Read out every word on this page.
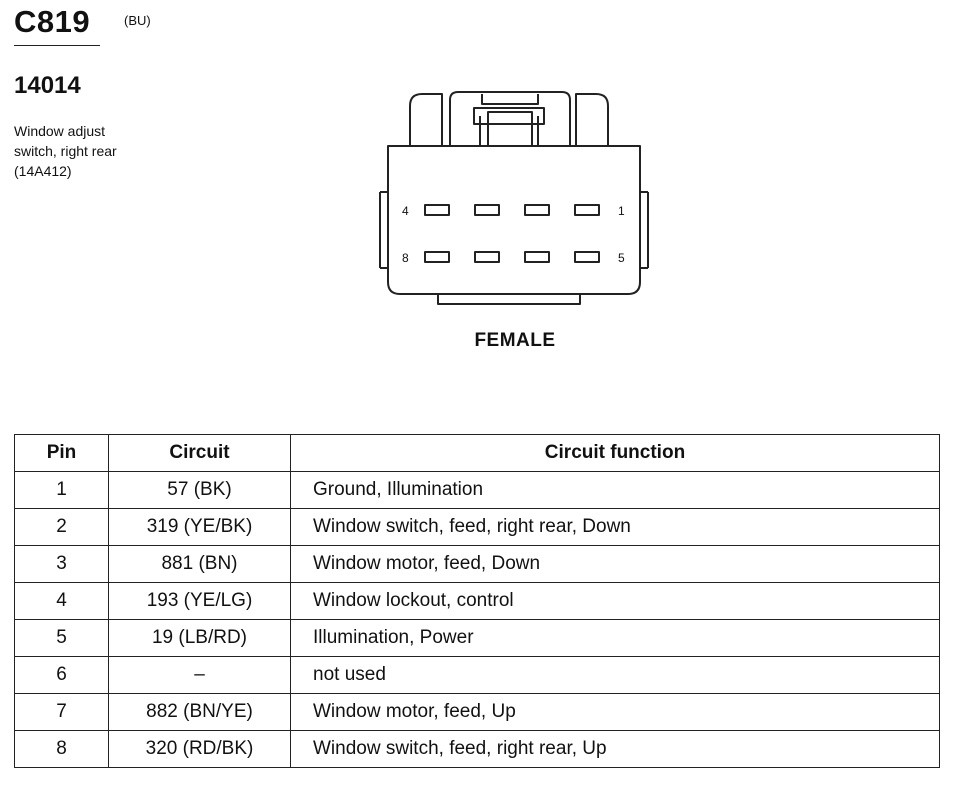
C819	(BU)
14014
Window adjust
switch, right rear
(14A412)
4	1
8	5
FEMALE
Pin	Circuit	Circuit function
1	57 (BK)	Ground, Illumination
2	319 (YE/BK)	Window switch, feed, right rear, Down
3	881 (BN)	Window motor, feed, Down
4	193 (YE/LG)	Window lockout, control
5	19 (LB/RD)	Illumination, Power
6	–	not used
7	882 (BN/YE)	Window motor, feed, Up
8	320 (RD/BK)	Window switch, feed, right rear, Up
